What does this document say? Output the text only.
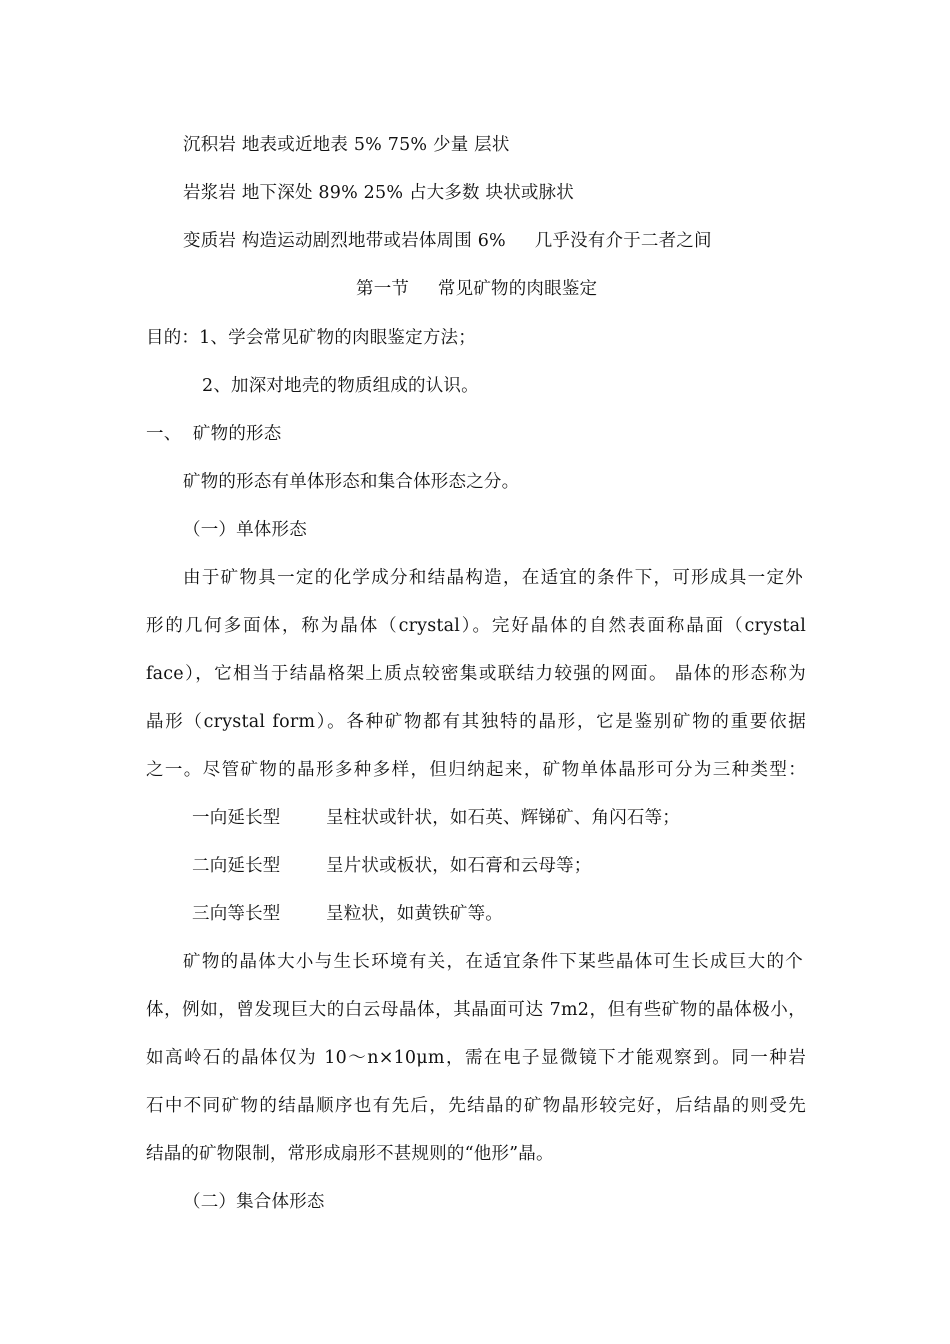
沉积岩 地表或近地表 5% 75% 少量 层状
岩浆岩 地下深处 89% 25% 占大多数 块状或脉状
变质岩 构造运动剧烈地带或岩体周围 6%     几乎没有介于二者之间
第一节     常见矿物的肉眼鉴定
目的：1、学会常见矿物的肉眼鉴定方法；
2、加深对地壳的物质组成的认识。
一、  矿物的形态
矿物的形态有单体形态和集合体形态之分。
（一）单体形态
由于矿物具一定的化学成分和结晶构造，在适宜的条件下，可形成具一定外
形的几何多面体，称为晶体（crystal）。完好晶体的自然表面称晶面（crystal
face），它相当于结晶格架上质点较密集或联结力较强的网面。 晶体的形态称为
晶形（crystal form）。各种矿物都有其独特的晶形，它是鉴别矿物的重要依据
之一。尽管矿物的晶形多种多样，但归纳起来，矿物单体晶形可分为三种类型：
一向延长型	呈柱状或针状，如石英、辉锑矿、角闪石等；
二向延长型	呈片状或板状，如石膏和云母等；
三向等长型	呈粒状，如黄铁矿等。
矿物的晶体大小与生长环境有关，在适宜条件下某些晶体可生长成巨大的个
体，例如，曾发现巨大的白云母晶体，其晶面可达 7m2，但有些矿物的晶体极小，
如高岭石的晶体仅为 10～n×10μm，需在电子显微镜下才能观察到。同一种岩
石中不同矿物的结晶顺序也有先后，先结晶的矿物晶形较完好，后结晶的则受先
结晶的矿物限制，常形成扇形不甚规则的“他形”晶。
（二）集合体形态
